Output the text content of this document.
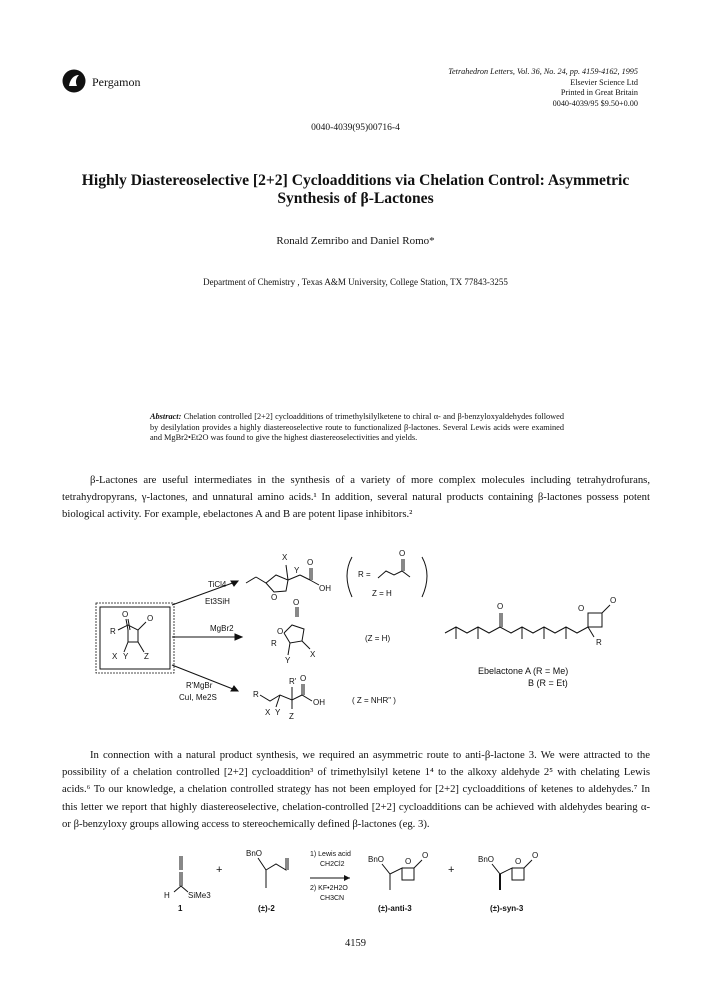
Pergamon
Tetrahedron Letters, Vol. 36, No. 24, pp. 4159-4162, 1995
Elsevier Science Ltd
Printed in Great Britain
0040-4039/95 $9.50+0.00
0040-4039(95)00716-4
Highly Diastereoselective [2+2] Cycloadditions via Chelation Control: Asymmetric Synthesis of β-Lactones
Ronald Zemribo and Daniel Romo*
Department of Chemistry , Texas A&M University, College Station, TX 77843-3255
Abstract: Chelation controlled [2+2] cycloadditions of trimethylsilylketene to chiral α- and β-benzyloxyaldehydes followed by desilylation provides a highly diastereoselective route to functionalized β-lactones. Several Lewis acids were examined and MgBr2•Et2O was found to give the highest diastereoselectivities and yields.
β-Lactones are useful intermediates in the synthesis of a variety of more complex molecules including tetrahydrofurans, tetrahydropyrans, γ-lactones, and unnatural amino acids.¹ In addition, several natural products containing β-lactones possess potent biological activity. For example, ebelactones A and B are potent lipase inhibitors.²
O O
R
X Y Z
TiCl4
Et3SiH
MgBr2
R'MgBr
CuI, Me2S
X
Y
O
O
OH
R =
O
Z = H
O
O
R
X
Y
(Z = H)
R' O
R
OH
X Y Z
( Z = NHR" )
O	O
O
R
Ebelactone A (R = Me)
B (R = Et)
In connection with a natural product synthesis, we required an asymmetric route to anti-β-lactone 3. We were attracted to the possibility of a chelation controlled [2+2] cycloaddition³ of trimethylsilyl ketene 1⁴ to the alkoxy aldehyde 2⁵ with chelating Lewis acids.⁶ To our knowledge, a chelation controlled strategy has not been employed for [2+2] cycloadditions of ketenes to aldehydes.⁷ In this letter we report that highly diastereoselective, chelation-controlled [2+2] cycloadditions can be achieved with aldehydes bearing α- or β-benzyloxy groups allowing access to stereochemically defined β-lactones (eg. 3).
H SiMe3
1
+
BnO
(±)-2
1) Lewis acid
CH2Cl2
2) KF•2H2O
CH3CN
BnO	O
O
(±)-anti-3
+
BnO	O
O
(±)-syn-3
4159
